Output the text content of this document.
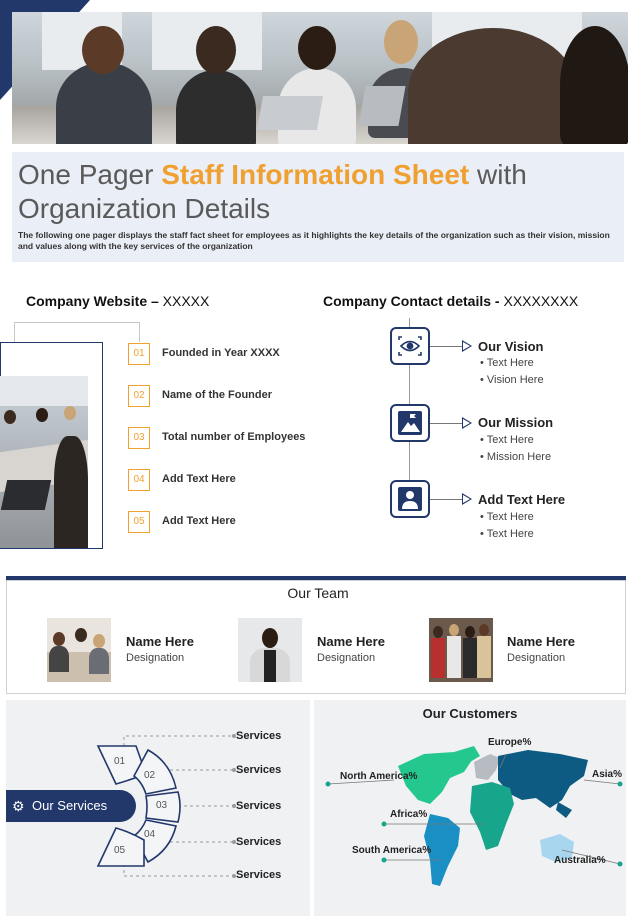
One Pager Staff Information Sheet with Organization Details
The following one pager displays the staff fact sheet for employees as it highlights the key details of the organization such as their vision, mission and values along with the key services of the organization
Company Website – XXXXX	Company Contact details - XXXXXXXX
01	Founded in Year XXXX
02	Name of the Founder
03	Total number of Employees
04	Add Text Here
05	Add Text Here
Our Vision
• Text Here
• Vision Here
Our Mission
• Text Here
• Mission Here
Add Text Here
• Text Here
• Text Here
Our Team
Name Here
Designation
Name Here
Designation
Name Here
Designation
01
02
03
04
05
⚙ Our Services
Services
Services
Services
Services
Services
Our Customers
Europe%
North America%	Asia%
Africa%
South America%
Australia%
